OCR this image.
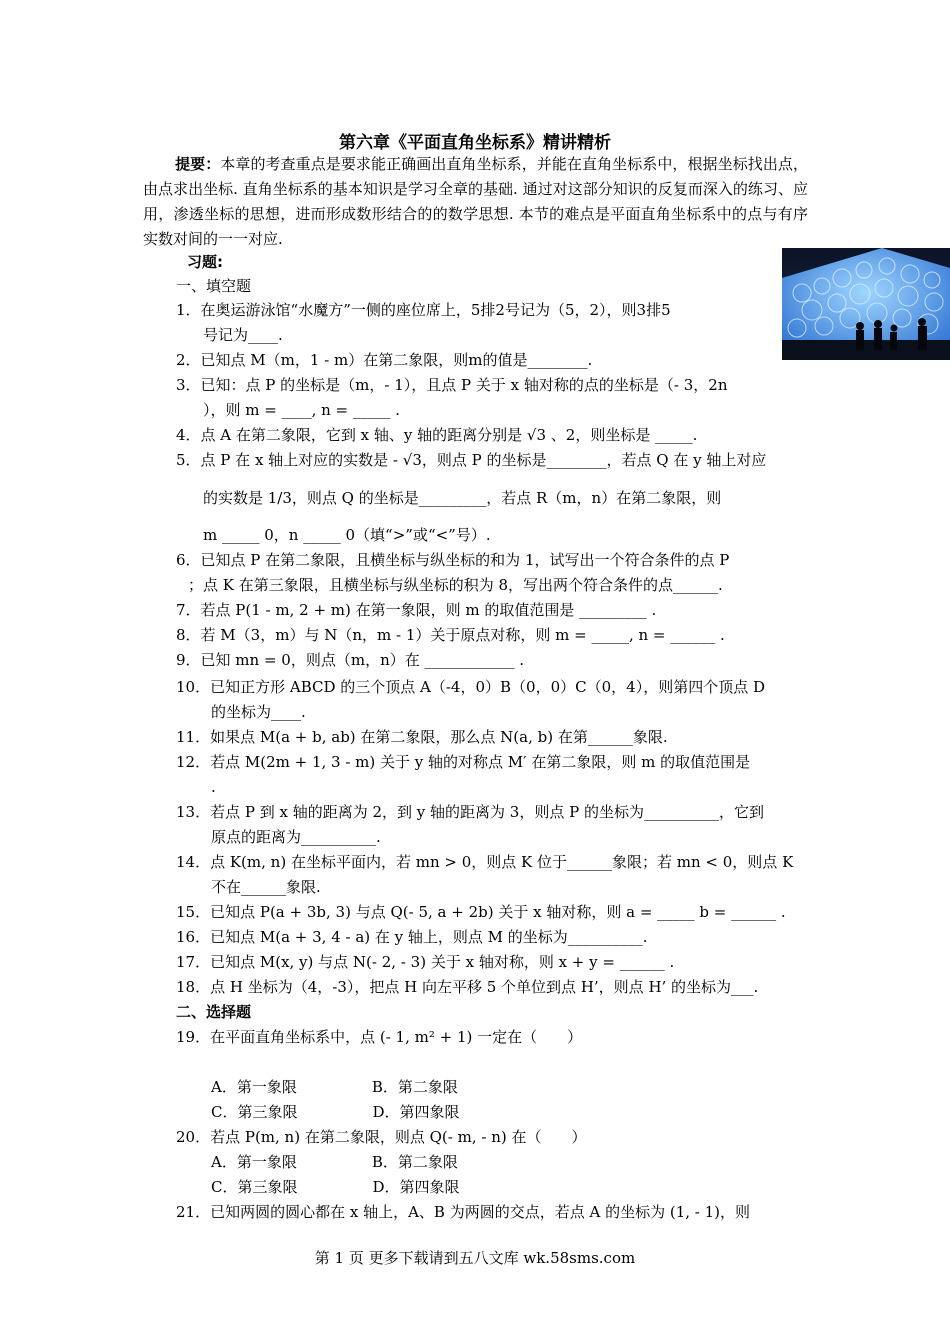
第六章《平面直角坐标系》精讲精析
提要：本章的考查重点是要求能正确画出直角坐标系，并能在直角坐标系中，根据坐标找出点，由点求出坐标. 直角坐标系的基本知识是学习全章的基础. 通过对这部分知识的反复而深入的练习、应用，渗透坐标的思想，进而形成数形结合的的数学思想. 本节的难点是平面直角坐标系中的点与有序实数对间的一一对应.
习题:
一、填空题
二、选择题
1．在奥运游泳馆“水魔方”一侧的座位席上，5排2号记为（5，2），则3排5
号记为____.
2．已知点 M（m，1 - m）在第二象限，则m的值是________.
3．已知：点 P 的坐标是（m，- 1），且点 P 关于 x 轴对称的点的坐标是（- 3，2n
），则 m = ____, n = _____ .
4．点 A 在第二象限，它到 x 轴、y 轴的距离分别是 √3 、2，则坐标是 _____.
5．点 P 在 x 轴上对应的实数是 - √3，则点 P 的坐标是________，若点 Q 在 y 轴上对应
的实数是 1/3，则点 Q 的坐标是_________，若点 R（m，n）在第二象限，则
m _____ 0，n _____ 0（填“>”或“<”号）.
6．已知点 P 在第二象限，且横坐标与纵坐标的和为 1，试写出一个符合条件的点 P
；点 K 在第三象限，且横坐标与纵坐标的积为 8，写出两个符合条件的点______.
7．若点 P(1 - m, 2 + m) 在第一象限，则 m 的取值范围是 _________ .
8．若 M（3，m）与 N（n，m - 1）关于原点对称，则 m = _____, n = ______ .
9．已知 mn = 0，则点（m，n）在 ____________ .
10．已知正方形 ABCD 的三个顶点 A（-4，0）B（0，0）C（0，4），则第四个顶点 D
的坐标为____.
11．如果点 M(a + b, ab) 在第二象限，那么点 N(a, b) 在第______象限.
12．若点 M(2m + 1, 3 - m) 关于 y 轴的对称点 M′ 在第二象限，则 m 的取值范围是
.
13．若点 P 到 x 轴的距离为 2，到 y 轴的距离为 3，则点 P 的坐标为__________，它到
原点的距离为__________.
14．点 K(m, n) 在坐标平面内，若 mn > 0，则点 K 位于______象限；若 mn < 0，则点 K
不在______象限.
15．已知点 P(a + 3b, 3) 与点 Q(- 5, a + 2b) 关于 x 轴对称，则 a = _____ b = ______ .
16．已知点 M(a + 3, 4 - a) 在 y 轴上，则点 M 的坐标为__________.
17．已知点 M(x, y) 与点 N(- 2, - 3) 关于 x 轴对称，则 x + y = ______ .
18．点 H 坐标为（4，-3），把点 H 向左平移 5 个单位到点 H’，则点 H’ 的坐标为___.
19．在平面直角坐标系中，点 (- 1, m² + 1) 一定在（　　）
A．第一象限　　　　　B．第二象限
C．第三象限　　　　　D．第四象限
20．若点 P(m, n) 在第二象限，则点 Q(- m, - n) 在（　　）
A．第一象限　　　　　B．第二象限
C．第三象限　　　　　D．第四象限
21．已知两圆的圆心都在 x 轴上，A、B 为两圆的交点，若点 A 的坐标为 (1, - 1)，则
第 1 页 更多下载请到五八文库 wk.58sms.com
